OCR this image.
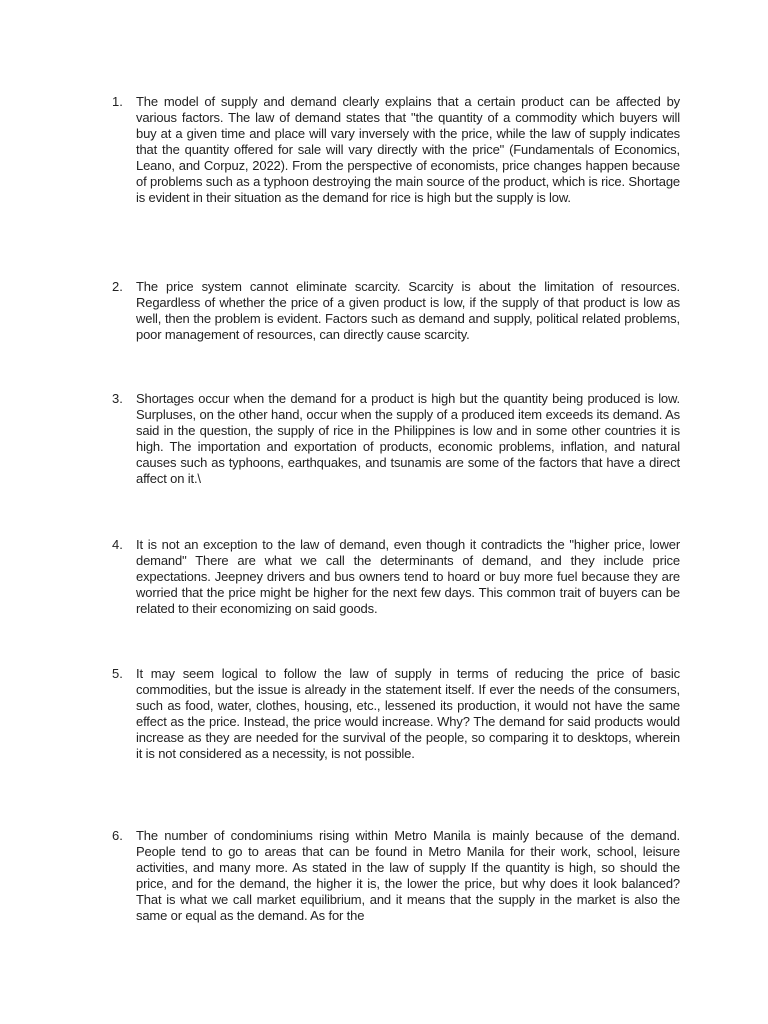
1.	The model of supply and demand clearly explains that a certain product can be affected by various factors. The law of demand states that "the quantity of a commodity which buyers will buy at a given time and place will vary inversely with the price, while the law of supply indicates that the quantity offered for sale will vary directly with the price" (Fundamentals of Economics, Leano, and Corpuz, 2022). From the perspective of economists, price changes happen because of problems such as a typhoon destroying the main source of the product, which is rice. Shortage is evident in their situation as the demand for rice is high but the supply is low.
2.	The price system cannot eliminate scarcity. Scarcity is about the limitation of resources. Regardless of whether the price of a given product is low, if the supply of that product is low as well, then the problem is evident. Factors such as demand and supply, political related problems, poor management of resources, can directly cause scarcity.
3.	Shortages occur when the demand for a product is high but the quantity being produced is low. Surpluses, on the other hand, occur when the supply of a produced item exceeds its demand. As said in the question, the supply of rice in the Philippines is low and in some other countries it is high. The importation and exportation of products, economic problems, inflation, and natural causes such as typhoons, earthquakes, and tsunamis are some of the factors that have a direct affect on it.\
4.	It is not an exception to the law of demand, even though it contradicts the "higher price, lower demand" There are what we call the determinants of demand, and they include price expectations. Jeepney drivers and bus owners tend to hoard or buy more fuel because they are worried that the price might be higher for the next few days. This common trait of buyers can be related to their economizing on said goods.
5.	It may seem logical to follow the law of supply in terms of reducing the price of basic commodities, but the issue is already in the statement itself. If ever the needs of the consumers, such as food, water, clothes, housing, etc., lessened its production, it would not have the same effect as the price. Instead, the price would increase. Why? The demand for said products would increase as they are needed for the survival of the people, so comparing it to desktops, wherein it is not considered as a necessity, is not possible.
6.	The number of condominiums rising within Metro Manila is mainly because of the demand. People tend to go to areas that can be found in Metro Manila for their work, school, leisure activities, and many more. As stated in the law of supply If the quantity is high, so should the price, and for the demand, the higher it is, the lower the price, but why does it look balanced? That is what we call market equilibrium, and it means that the supply in the market is also the same or equal as the demand. As for the
